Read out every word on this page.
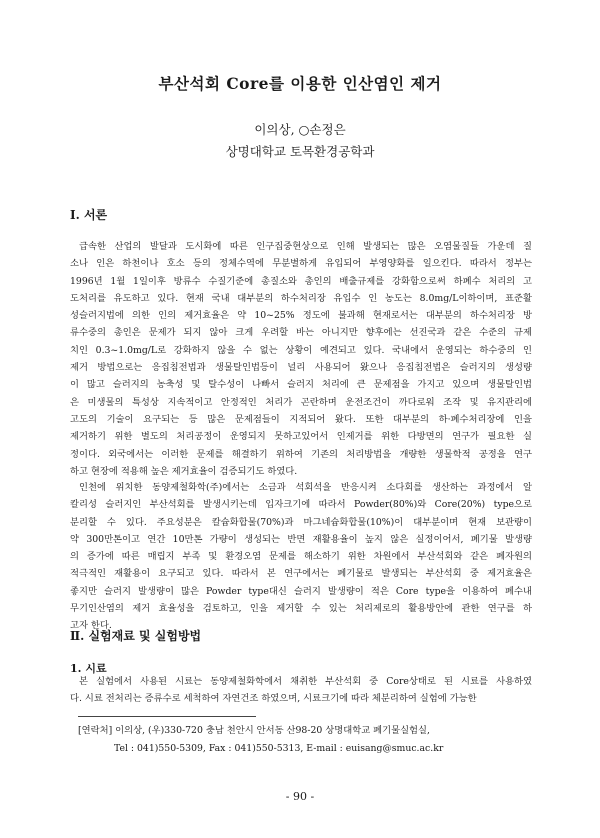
부산석회 Core를 이용한 인산염인 제거
이의상, ○손정은
상명대학교 토목환경공학과
Ⅰ. 서론
급속한 산업의 발달과 도시화에 따른 인구집중현상으로 인해 발생되는 많은 오염물질들 가운데 질
소나 인은 하천이나 호소 등의 정체수역에 무분별하게 유입되어 부영양화를 일으킨다. 따라서 정부는
1996년 1월 1일이후 방류수 수질기준에 총질소와 총인의 배출규제를 강화함으로써 하폐수 처리의 고
도처리를 유도하고 있다. 현재 국내 대부분의 하수처리장 유입수 인 농도는 8.0mg/L이하이며, 표준활
성슬러지법에 의한 인의 제거효율은 약 10~25% 정도에 불과해 현재로서는 대부분의 하수처리장 방
류수중의 총인은 문제가 되지 않아 크게 우려할 바는 아니지만 향후에는 선진국과 같은 수준의 규제
치인 0.3~1.0mg/L로 강화하지 않을 수 없는 상황이 예견되고 있다. 국내에서 운영되는 하수중의 인
제거 방법으로는 응집침전법과 생물탈인법등이 널리 사용되어 왔으나 응집침전법은 슬러지의 생성량
이 많고 슬러지의 농축성 및 탈수성이 나빠서 슬러지 처리에 큰 문제점을 가지고 있으며 생물탈인법
은 미생물의 특성상 지속적이고 안정적인 처리가 곤란하며 운전조건이 까다로워 조작 및 유지관리에
고도의 기술이 요구되는 등 많은 문제점들이 지적되어 왔다. 또한 대부분의 하·폐수처리장에 인을
제거하기 위한 별도의 처리공정이 운영되지 못하고있어서 인제거를 위한 다방면의 연구가 필요한 실
정이다. 외국에서는 이러한 문제를 해결하기 위하여 기존의 처리방법을 개량한 생물학적 공정을 연구
하고 현장에 적용해 높은 제거효율이 검증되기도 하였다.
인천에 위치한 동양제철화학(주)에서는 소금과 석회석을 반응시켜 소다회를 생산하는 과정에서 알
칼리성 슬러지인 부산석회를 발생시키는데 입자크기에 따라서 Powder(80%)와 Core(20%) type으로
분리할 수 있다. 주요성분은 칼슘화합물(70%)과 마그네슘화합물(10%)이 대부분이며 현재 보관량이
약 300만톤이고 연간 10만톤 가량이 생성되는 반면 재활용율이 높지 않은 실정이어서, 폐기물 발생량
의 증가에 따른 매립지 부족 및 환경오염 문제를 해소하기 위한 차원에서 부산석회와 같은 폐자원의
적극적인 재활용이 요구되고 있다. 따라서 본 연구에서는 폐기물로 발생되는 부산석회 중 제거효율은
좋지만 슬러지 발생량이 많은 Powder type대신 슬러지 발생량이 적은 Core type을 이용하여 폐수내
무기인산염의 제거 효율성을 검토하고, 인을 제거할 수 있는 처리제로의 활용방안에 관한 연구를 하
고자 한다.
Ⅱ. 실험재료 및 실험방법
1. 시료
본 실험에서 사용된 시료는 동양제철화학에서 채취한 부산석회 중 Core상태로 된 시료를 사용하였
다. 시료 전처리는 증류수로 세척하여 자연건조 하였으며, 시료크기에 따라 체분리하여 실험에 가능한
[연락처] 이의상, (우)330-720 충남 천안시 안서동 산98-20 상명대학교 폐기물실험실,
Tel : 041)550-5309, Fax : 041)550-5313, E-mail : euisang@smuc.ac.kr
- 90 -
